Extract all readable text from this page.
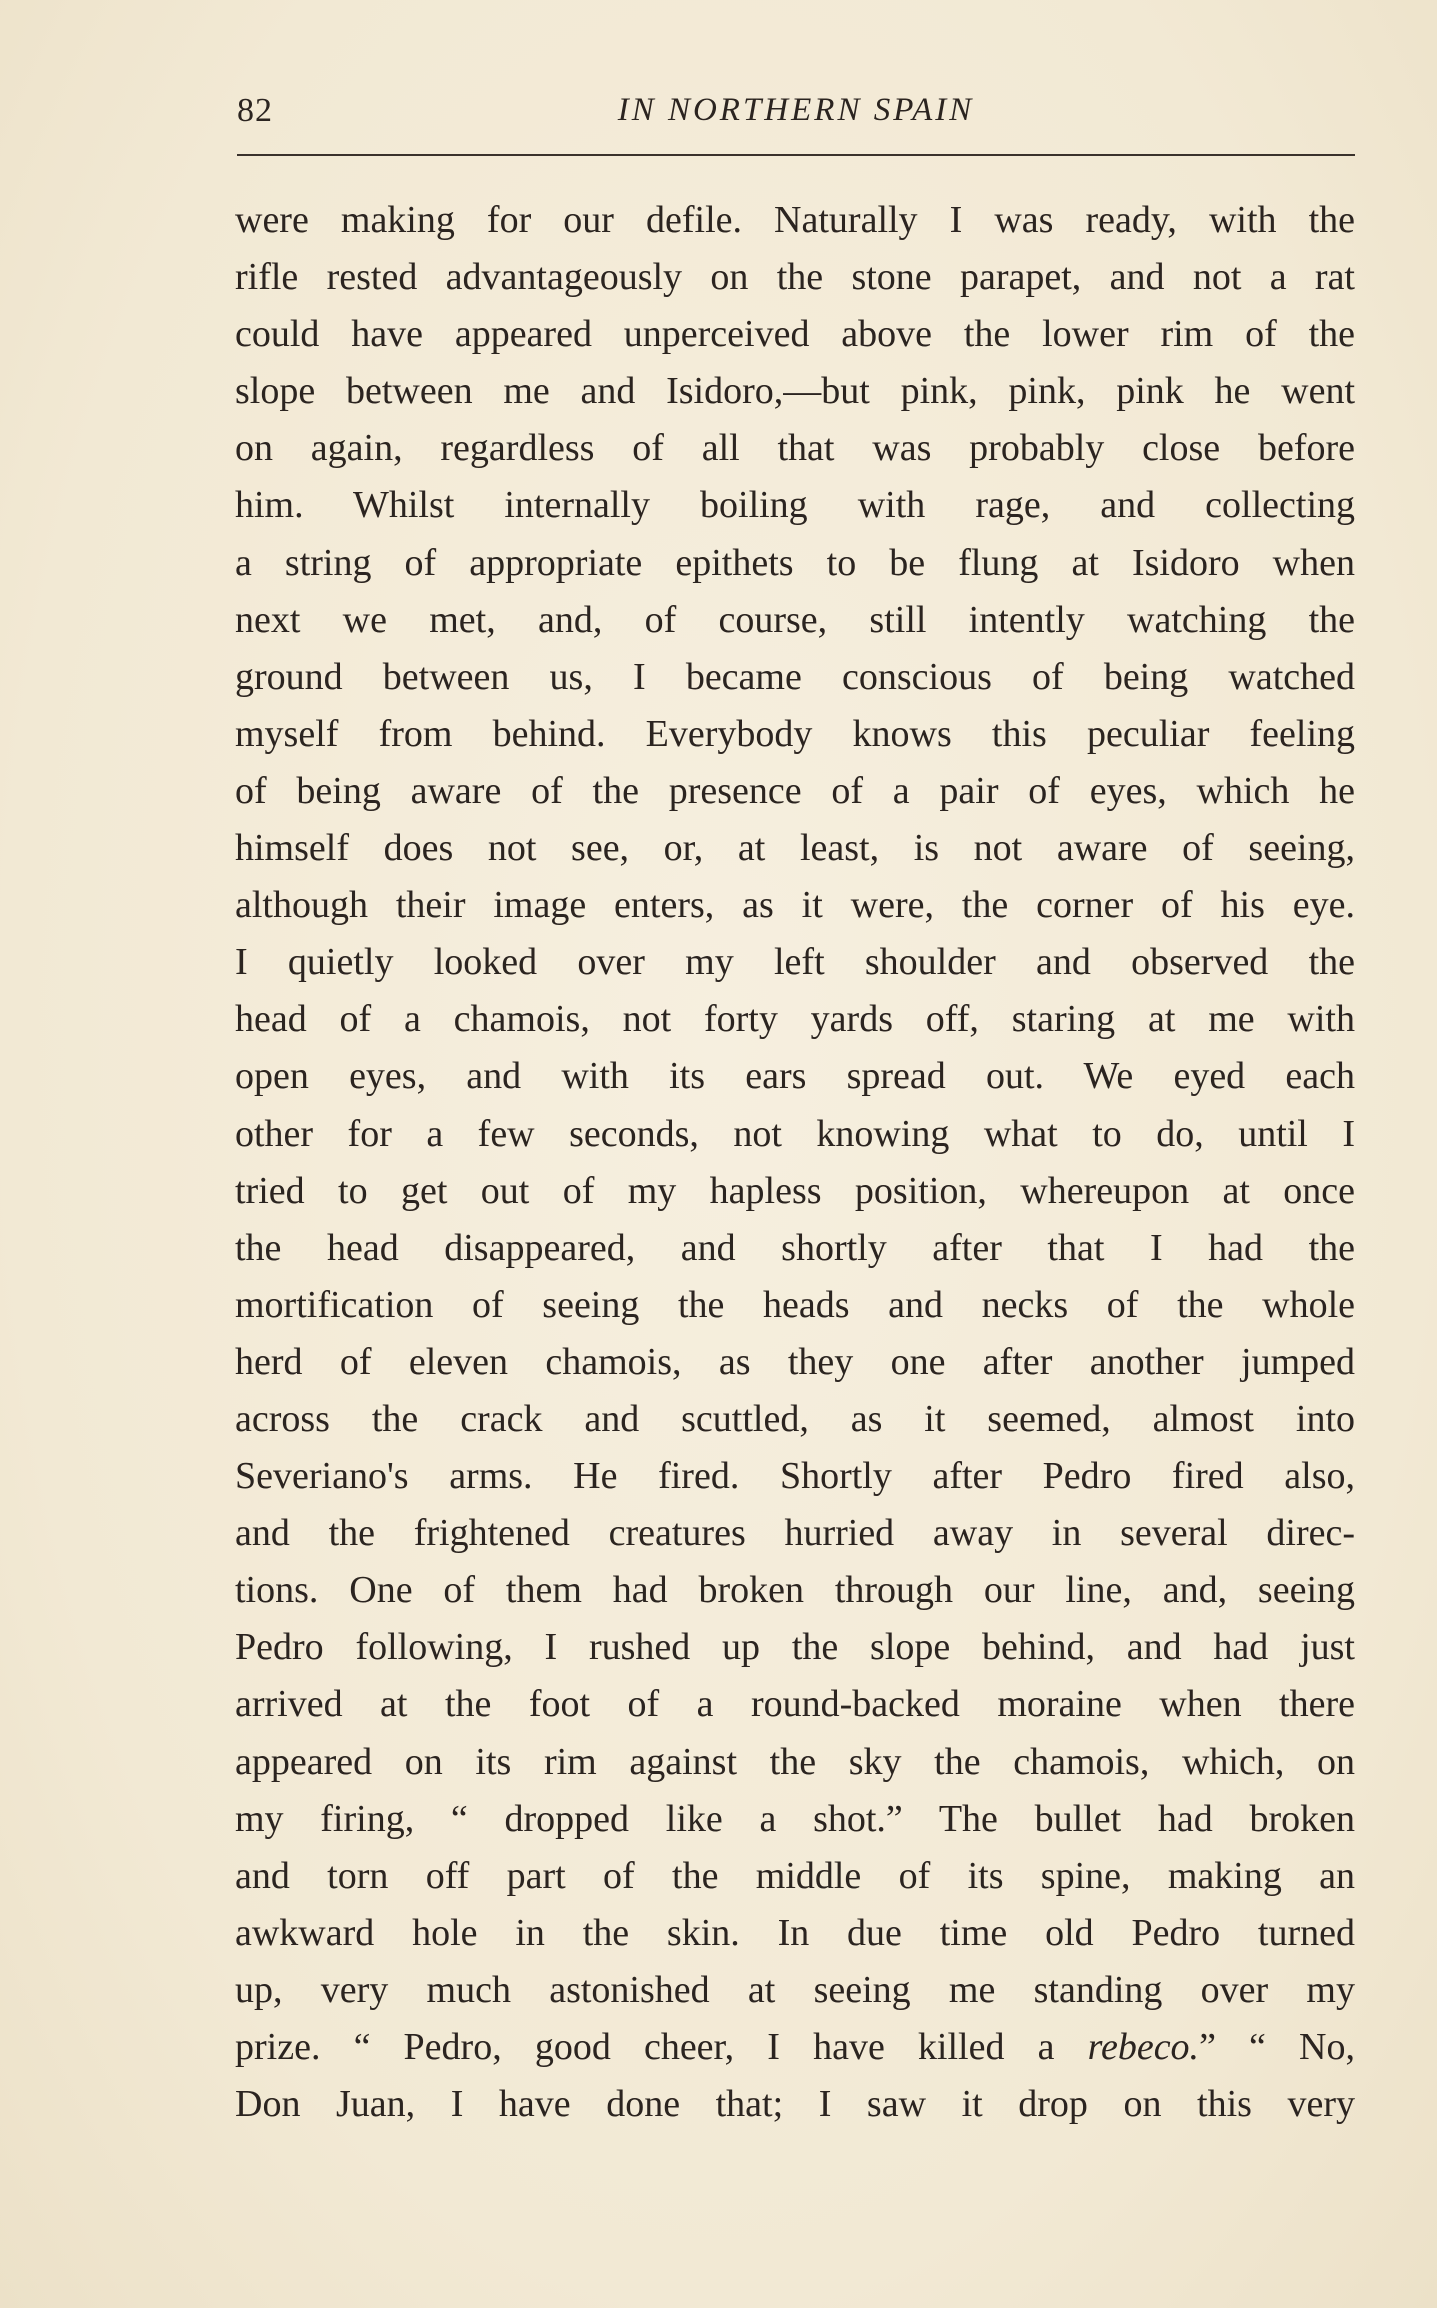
82	IN NORTHERN SPAIN
were making for our defile. Naturally I was ready, with the
rifle rested advantageously on the stone parapet, and not a rat
could have appeared unperceived above the lower rim of the
slope between me and Isidoro,—but pink, pink, pink he went
on again, regardless of all that was probably close before
him. Whilst internally boiling with rage, and collecting
a string of appropriate epithets to be flung at Isidoro when
next we met, and, of course, still intently watching the
ground between us, I became conscious of being watched
myself from behind. Everybody knows this peculiar feeling
of being aware of the presence of a pair of eyes, which he
himself does not see, or, at least, is not aware of seeing,
although their image enters, as it were, the corner of his eye.
I quietly looked over my left shoulder and observed the
head of a chamois, not forty yards off, staring at me with
open eyes, and with its ears spread out. We eyed each
other for a few seconds, not knowing what to do, until I
tried to get out of my hapless position, whereupon at once
the head disappeared, and shortly after that I had the
mortification of seeing the heads and necks of the whole
herd of eleven chamois, as they one after another jumped
across the crack and scuttled, as it seemed, almost into
Severiano's arms. He fired. Shortly after Pedro fired also,
and the frightened creatures hurried away in several direc-
tions. One of them had broken through our line, and, seeing
Pedro following, I rushed up the slope behind, and had just
arrived at the foot of a round-backed moraine when there
appeared on its rim against the sky the chamois, which, on
my firing, “ dropped like a shot.” The bullet had broken
and torn off part of the middle of its spine, making an
awkward hole in the skin. In due time old Pedro turned
up, very much astonished at seeing me standing over my
prize. “ Pedro, good cheer, I have killed a rebeco.” “ No,
Don Juan, I have done that; I saw it drop on this very
